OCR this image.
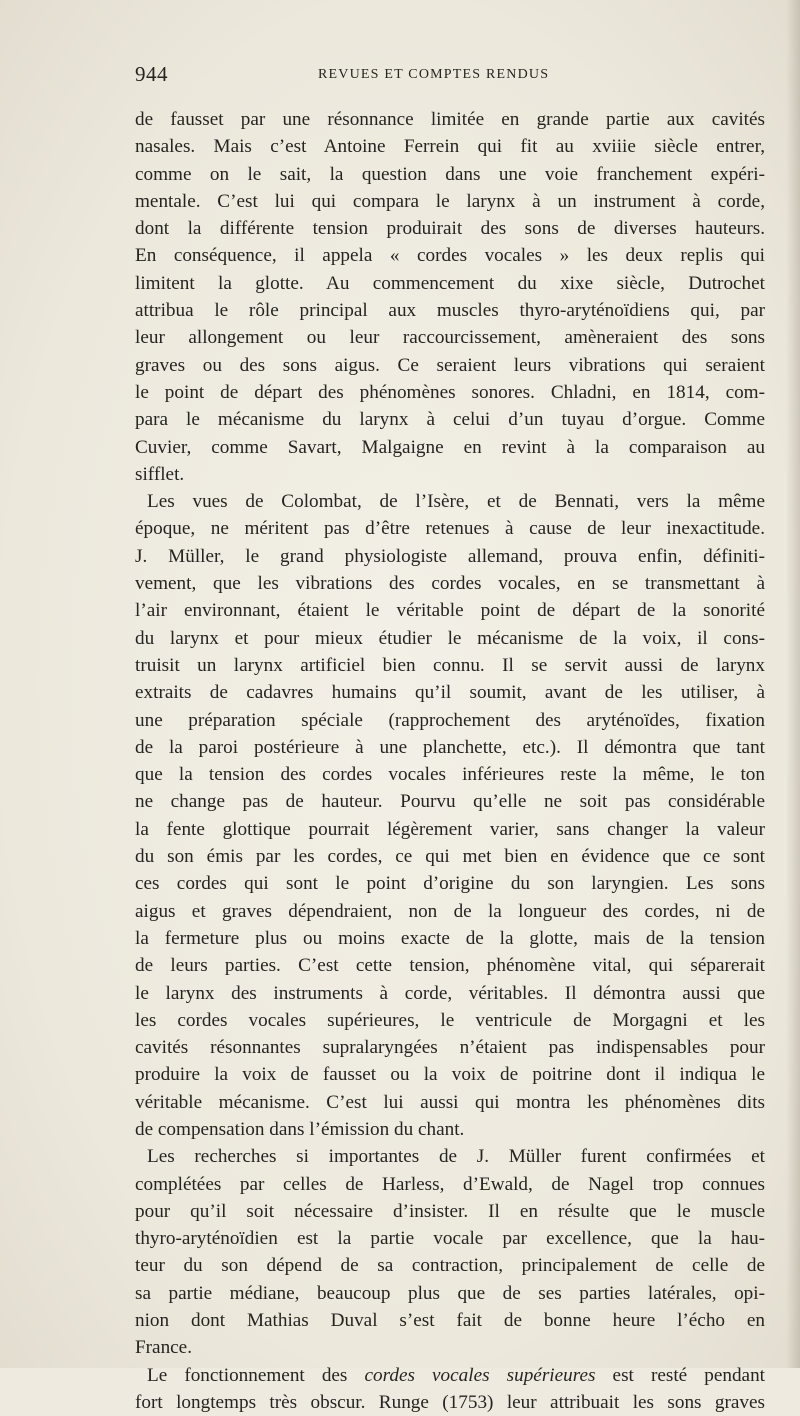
944	REVUES ET COMPTES RENDUS
de fausset par une résonnance limitée en grande partie aux cavités
nasales. Mais c’est Antoine Ferrein qui fit au xviiie siècle entrer,
comme on le sait, la question dans une voie franchement expéri-
mentale. C’est lui qui compara le larynx à un instrument à corde,
dont la différente tension produirait des sons de diverses hauteurs.
En conséquence, il appela « cordes vocales » les deux replis qui
limitent la glotte. Au commencement du xixe siècle, Dutrochet
attribua le rôle principal aux muscles thyro-aryténoïdiens qui, par
leur allongement ou leur raccourcissement, amèneraient des sons
graves ou des sons aigus. Ce seraient leurs vibrations qui seraient
le point de départ des phénomènes sonores. Chladni, en 1814, com-
para le mécanisme du larynx à celui d’un tuyau d’orgue. Comme
Cuvier, comme Savart, Malgaigne en revint à la comparaison au
sifflet.
Les vues de Colombat, de l’Isère, et de Bennati, vers la même
époque, ne méritent pas d’être retenues à cause de leur inexactitude.
J. Müller, le grand physiologiste allemand, prouva enfin, définiti-
vement, que les vibrations des cordes vocales, en se transmettant à
l’air environnant, étaient le véritable point de départ de la sonorité
du larynx et pour mieux étudier le mécanisme de la voix, il cons-
truisit un larynx artificiel bien connu. Il se servit aussi de larynx
extraits de cadavres humains qu’il soumit, avant de les utiliser, à
une préparation spéciale (rapprochement des aryténoïdes, fixation
de la paroi postérieure à une planchette, etc.). Il démontra que tant
que la tension des cordes vocales inférieures reste la même, le ton
ne change pas de hauteur. Pourvu qu’elle ne soit pas considérable
la fente glottique pourrait légèrement varier, sans changer la valeur
du son émis par les cordes, ce qui met bien en évidence que ce sont
ces cordes qui sont le point d’origine du son laryngien. Les sons
aigus et graves dépendraient, non de la longueur des cordes, ni de
la fermeture plus ou moins exacte de la glotte, mais de la tension
de leurs parties. C’est cette tension, phénomène vital, qui séparerait
le larynx des instruments à corde, véritables. Il démontra aussi que
les cordes vocales supérieures, le ventricule de Morgagni et les
cavités résonnantes supralaryngées n’étaient pas indispensables pour
produire la voix de fausset ou la voix de poitrine dont il indiqua le
véritable mécanisme. C’est lui aussi qui montra les phénomènes dits
de compensation dans l’émission du chant.
Les recherches si importantes de J. Müller furent confirmées et
complétées par celles de Harless, d’Ewald, de Nagel trop connues
pour qu’il soit nécessaire d’insister. Il en résulte que le muscle
thyro-aryténoïdien est la partie vocale par excellence, que la hau-
teur du son dépend de sa contraction, principalement de celle de
sa partie médiane, beaucoup plus que de ses parties latérales, opi-
nion dont Mathias Duval s’est fait de bonne heure l’écho en
France.
Le fonctionnement des cordes vocales supérieures est resté pendant
fort longtemps très obscur. Runge (1753) leur attribuait les sons graves
